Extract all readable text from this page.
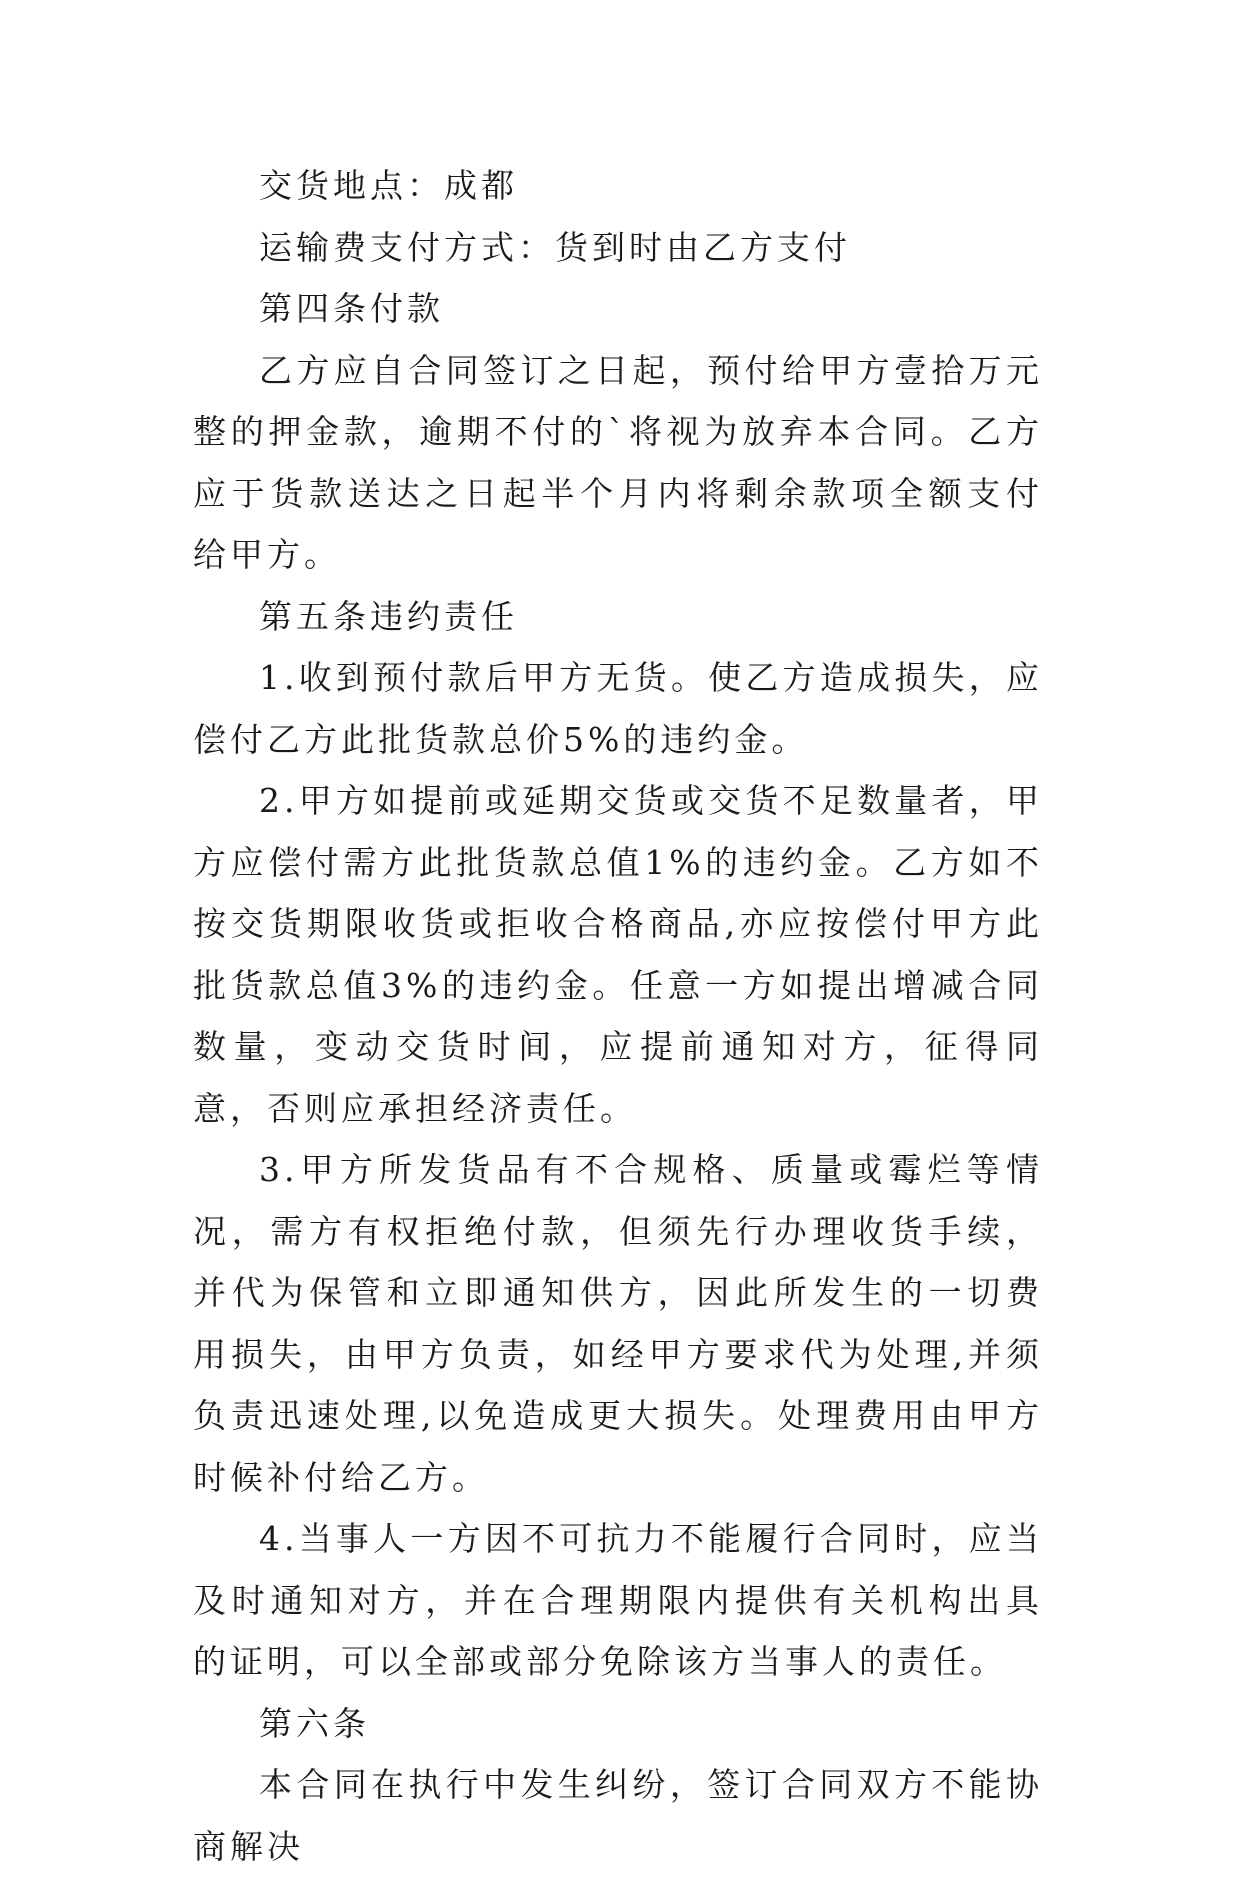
交货地点：成都

运输费支付方式：货到时由乙方支付

第四条付款

乙方应自合同签订之日起，预付给甲方壹拾万元整的押金款，逾期不付的`将视为放弃本合同。乙方应于货款送达之日起半个月内将剩余款项全额支付给甲方。

第五条违约责任

1.收到预付款后甲方无货。使乙方造成损失，应偿付乙方此批货款总价5%的违约金。

2.甲方如提前或延期交货或交货不足数量者，甲方应偿付需方此批货款总值1%的违约金。乙方如不按交货期限收货或拒收合格商品,亦应按偿付甲方此批货款总值3%的违约金。任意一方如提出增减合同数量，变动交货时间，应提前通知对方，征得同意，否则应承担经济责任。

3.甲方所发货品有不合规格、质量或霉烂等情况，需方有权拒绝付款，但须先行办理收货手续，并代为保管和立即通知供方，因此所发生的一切费用损失，由甲方负责，如经甲方要求代为处理,并须负责迅速处理,以免造成更大损失。处理费用由甲方时候补付给乙方。

4.当事人一方因不可抗力不能履行合同时，应当及时通知对方，并在合理期限内提供有关机构出具的证明，可以全部或部分免除该方当事人的责任。

第六条

本合同在执行中发生纠纷，签订合同双方不能协商解决
